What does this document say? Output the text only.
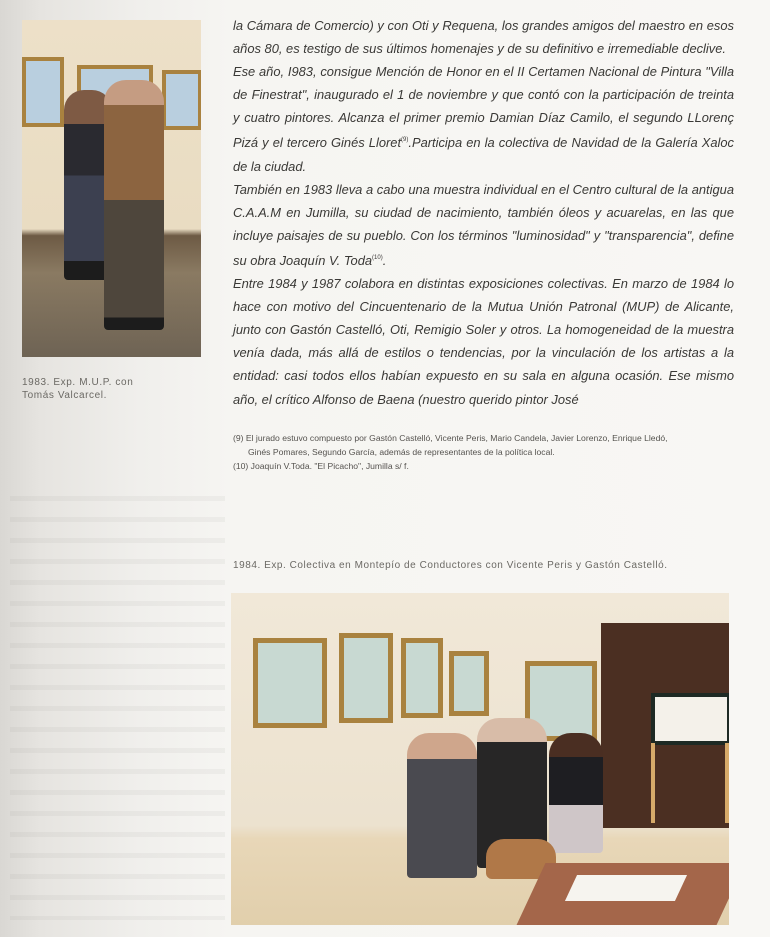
1983. Exp. M.U.P. con
Tomás Valcarcel.

la Cámara de Comercio) y con Oti y Requena, los grandes amigos del maestro en esos años 80, es testigo de sus últimos homenajes y de su definitivo e irremediable declive.

Ese año, I983, consigue Mención de Honor en el II Certamen Nacional de Pintura "Villa de Finestrat", inaugurado el 1 de noviembre y que contó con la participación de treinta y cuatro pintores. Alcanza el primer premio Damian Díaz Camilo, el segundo LLorenç Pizá y el tercero Ginés Lloret$^{(9)}$.Participa en la colectiva de Navidad de la Galería Xaloc de la ciudad.

También en 1983 lleva a cabo una muestra individual en el Centro cultural de la antigua C.A.A.M en Jumilla, su ciudad de nacimiento, también óleos y acuarelas, en las que incluye paisajes de su pueblo. Con los términos "luminosidad" y "transparencia", define su obra Joaquín V. Toda$^{(10)}$.

Entre 1984 y 1987 colabora en distintas exposiciones colectivas. En marzo de 1984 lo hace con motivo del Cincuentenario de la Mutua Unión Patronal (MUP) de Alicante, junto con Gastón Castelló, Oti, Remigio Soler y otros. La homogeneidad de la muestra venía dada, más allá de estilos o tendencias, por la vinculación de los artistas a la entidad: casi todos ellos habían expuesto en su sala en alguna ocasión. Ese mismo año, el crítico Alfonso de Baena (nuestro querido pintor José

(9) El jurado estuvo compuesto por Gastón Castelló, Vicente Peris, Mario Candela, Javier Lorenzo, Enrique Lledó,

Ginés Pomares, Segundo García, además de representantes de la política local.

(10) Joaquín V.Toda. "El Picacho", Jumilla s/ f.

1984. Exp. Colectiva en Montepío de Conductores con Vicente Peris y Gastón Castelló.
